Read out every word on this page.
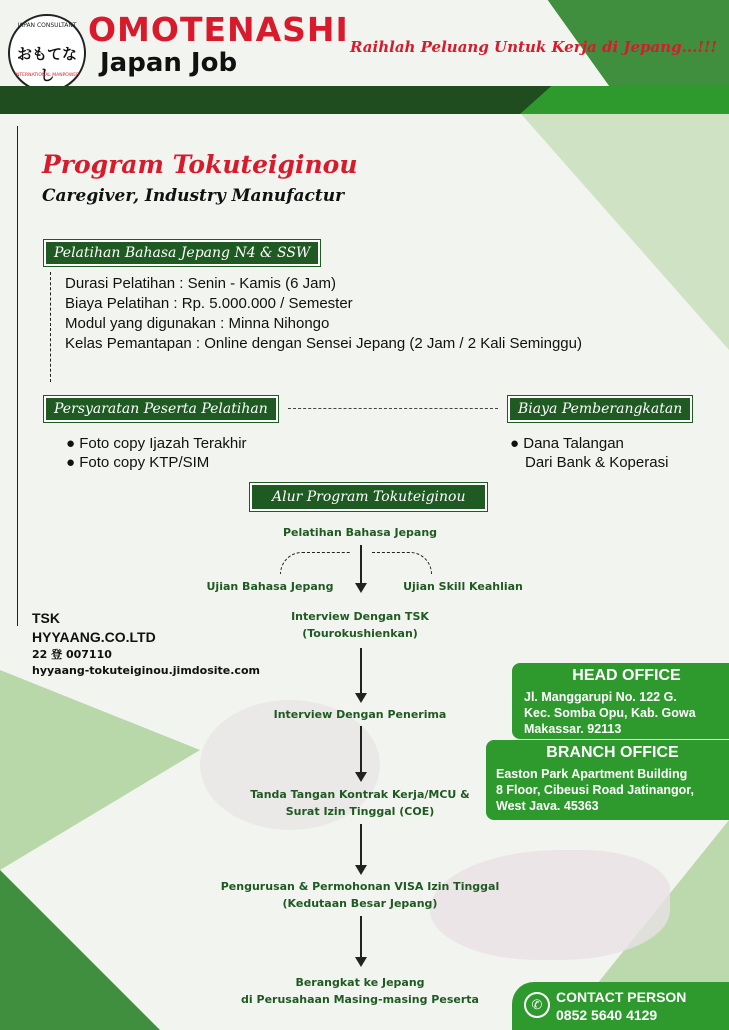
JAPAN CONSULTANT
おもてなし
INTERNATIONAL MANPOWER
OMOTENASHI
Japan Job
Raihlah Peluang Untuk Kerja di Jepang...!!!
Program Tokuteiginou
Caregiver, Industry Manufactur
Pelatihan Bahasa Jepang N4 & SSW
Durasi Pelatihan : Senin - Kamis (6 Jam)
Biaya Pelatihan : Rp. 5.000.000 / Semester
Modul yang digunakan : Minna Nihongo
Kelas Pemantapan : Online dengan Sensei Jepang (2 Jam / 2 Kali Seminggu)
Persyaratan Peserta Pelatihan	Biaya Pemberangkatan
● Foto copy Ijazah Terakhir
● Foto copy KTP/SIM
● Dana Talangan
Dari Bank & Koperasi
Alur Program Tokuteiginou
Pelatihan Bahasa Jepang
Ujian Bahasa Jepang	Ujian Skill Keahlian
Interview Dengan TSK
(Tourokushienkan)
Interview Dengan Penerima
Tanda Tangan Kontrak Kerja/MCU &
Surat Izin Tinggal (COE)
Pengurusan & Permohonan VISA Izin Tinggal
(Kedutaan Besar Jepang)
Berangkat ke Jepang
di Perusahaan Masing-masing Peserta
TSK
HYYAANG.CO.LTD
22 登 007110
hyyaang-tokuteiginou.jimdosite.com	HEAD OFFICE
Jl. Manggarupi No. 122 G.
Kec. Somba Opu, Kab. Gowa
Makassar. 92113
BRANCH OFFICE
Easton Park Apartment Building
8 Floor, Cibeusi Road Jatinangor,
West Java. 45363
✆ CONTACT PERSON
0852 5640 4129
